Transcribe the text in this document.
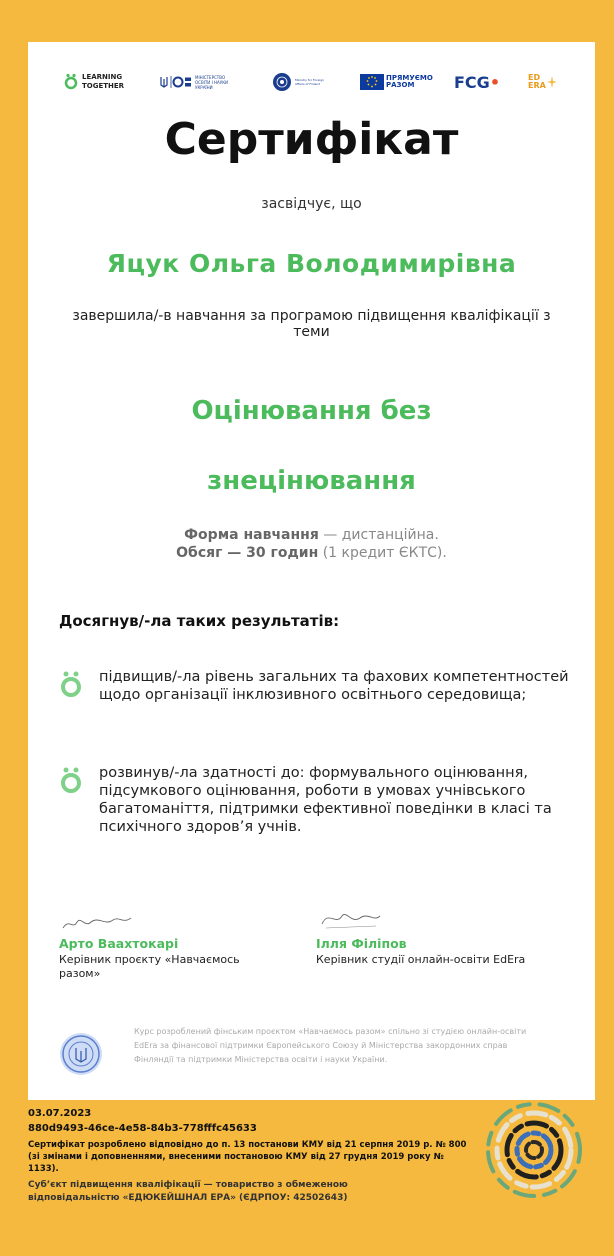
LEARNING
TOGETHER
МІНІСТЕРСТВО ОСВІТИ І НАУКИ УКРАЇНИ
Ministry for Foreign Affairs of Finland
ПРЯМУЄМО
РАЗОМ	FCG •	ED
ERA
Сертифікат
засвідчує, що
Яцук Ольга Володимирівна
завершила/-в навчання за програмою підвищення кваліфікації з теми
Оцінювання без
знецінювання
Форма навчання — дистанційна.
Обсяг — 30 годин (1 кредит ЄКТС).
Досягнув/-ла таких результатів:
підвищив/-ла рівень загальних та фахових компетентностей щодо організації інклюзивного освітнього середовища;
розвинув/-ла здатності до: формувального оцінювання, підсумкового оцінювання, роботи в умовах учнівського багатоманіття, підтримки ефективної поведінки в класі та психічного здоров’я учнів.
Арто Ваахтокарі
Керівник проєкту «Навчаємось разом»
Ілля Філіпов
Керівник студії онлайн-освіти EdEra
Курс розроблений фінським проєктом «Навчаємось разом» спільно зі студією онлайн-освіти EdEra за фінансової підтримки Європейського Союзу й Міністерства закордонних справ Фінляндії та підтримки Міністерства освіти і науки України.
03.07.2023
880d9493-46ce-4e58-84b3-778fffc45633
Сертифікат розроблено відповідно до п. 13 постанови КМУ від 21 серпня 2019 р. № 800 (зі змінами і доповненнями, внесеними постановою КМУ від 27 грудня 2019 року № 1133).
Суб’єкт підвищення кваліфікації — товариство з обмеженою відповідальністю «ЕДЮКЕЙШНАЛ ЕРА» (ЄДРПОУ: 42502643)
